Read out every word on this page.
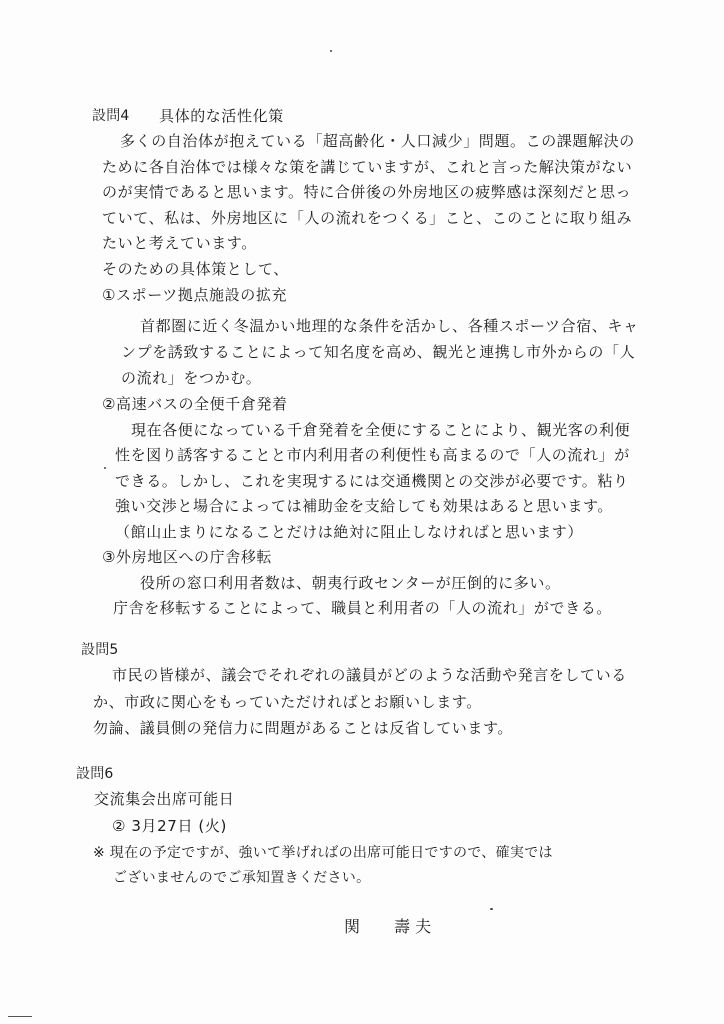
設問4 具体的な活性化策
多くの自治体が抱えている「超高齢化・人口減少」問題。この課題解決の
ために各自治体では様々な策を講じていますが、これと言った解決策がない
のが実情であると思います。特に合併後の外房地区の疲弊感は深刻だと思っ
ていて、私は、外房地区に「人の流れをつくる」こと、このことに取り組み
たいと考えています。
そのための具体策として、
①スポーツ拠点施設の拡充
首都圏に近く冬温かい地理的な条件を活かし、各種スポーツ合宿、キャ
ンプを誘致することによって知名度を高め、観光と連携し市外からの「人
の流れ」をつかむ。
②高速バスの全便千倉発着
現在各便になっている千倉発着を全便にすることにより、観光客の利便
性を図り誘客することと市内利用者の利便性も高まるので「人の流れ」が
できる。しかし、これを実現するには交通機関との交渉が必要です。粘り
強い交渉と場合によっては補助金を支給しても効果はあると思います。
（館山止まりになることだけは絶対に阻止しなければと思います）
③外房地区への庁舎移転
役所の窓口利用者数は、朝夷行政センターが圧倒的に多い。
庁舎を移転することによって、職員と利用者の「人の流れ」ができる。
設問5
市民の皆様が、議会でそれぞれの議員がどのような活動や発言をしている
か、市政に関心をもっていただければとお願いします。
勿論、議員側の発信力に問題があることは反省しています。
設問6
交流集会出席可能日
② 3月27日 (火)
※ 現在の予定ですが、強いて挙げればの出席可能日ですので、確実では
ございませんのでご承知置きください。
関 壽 夫
